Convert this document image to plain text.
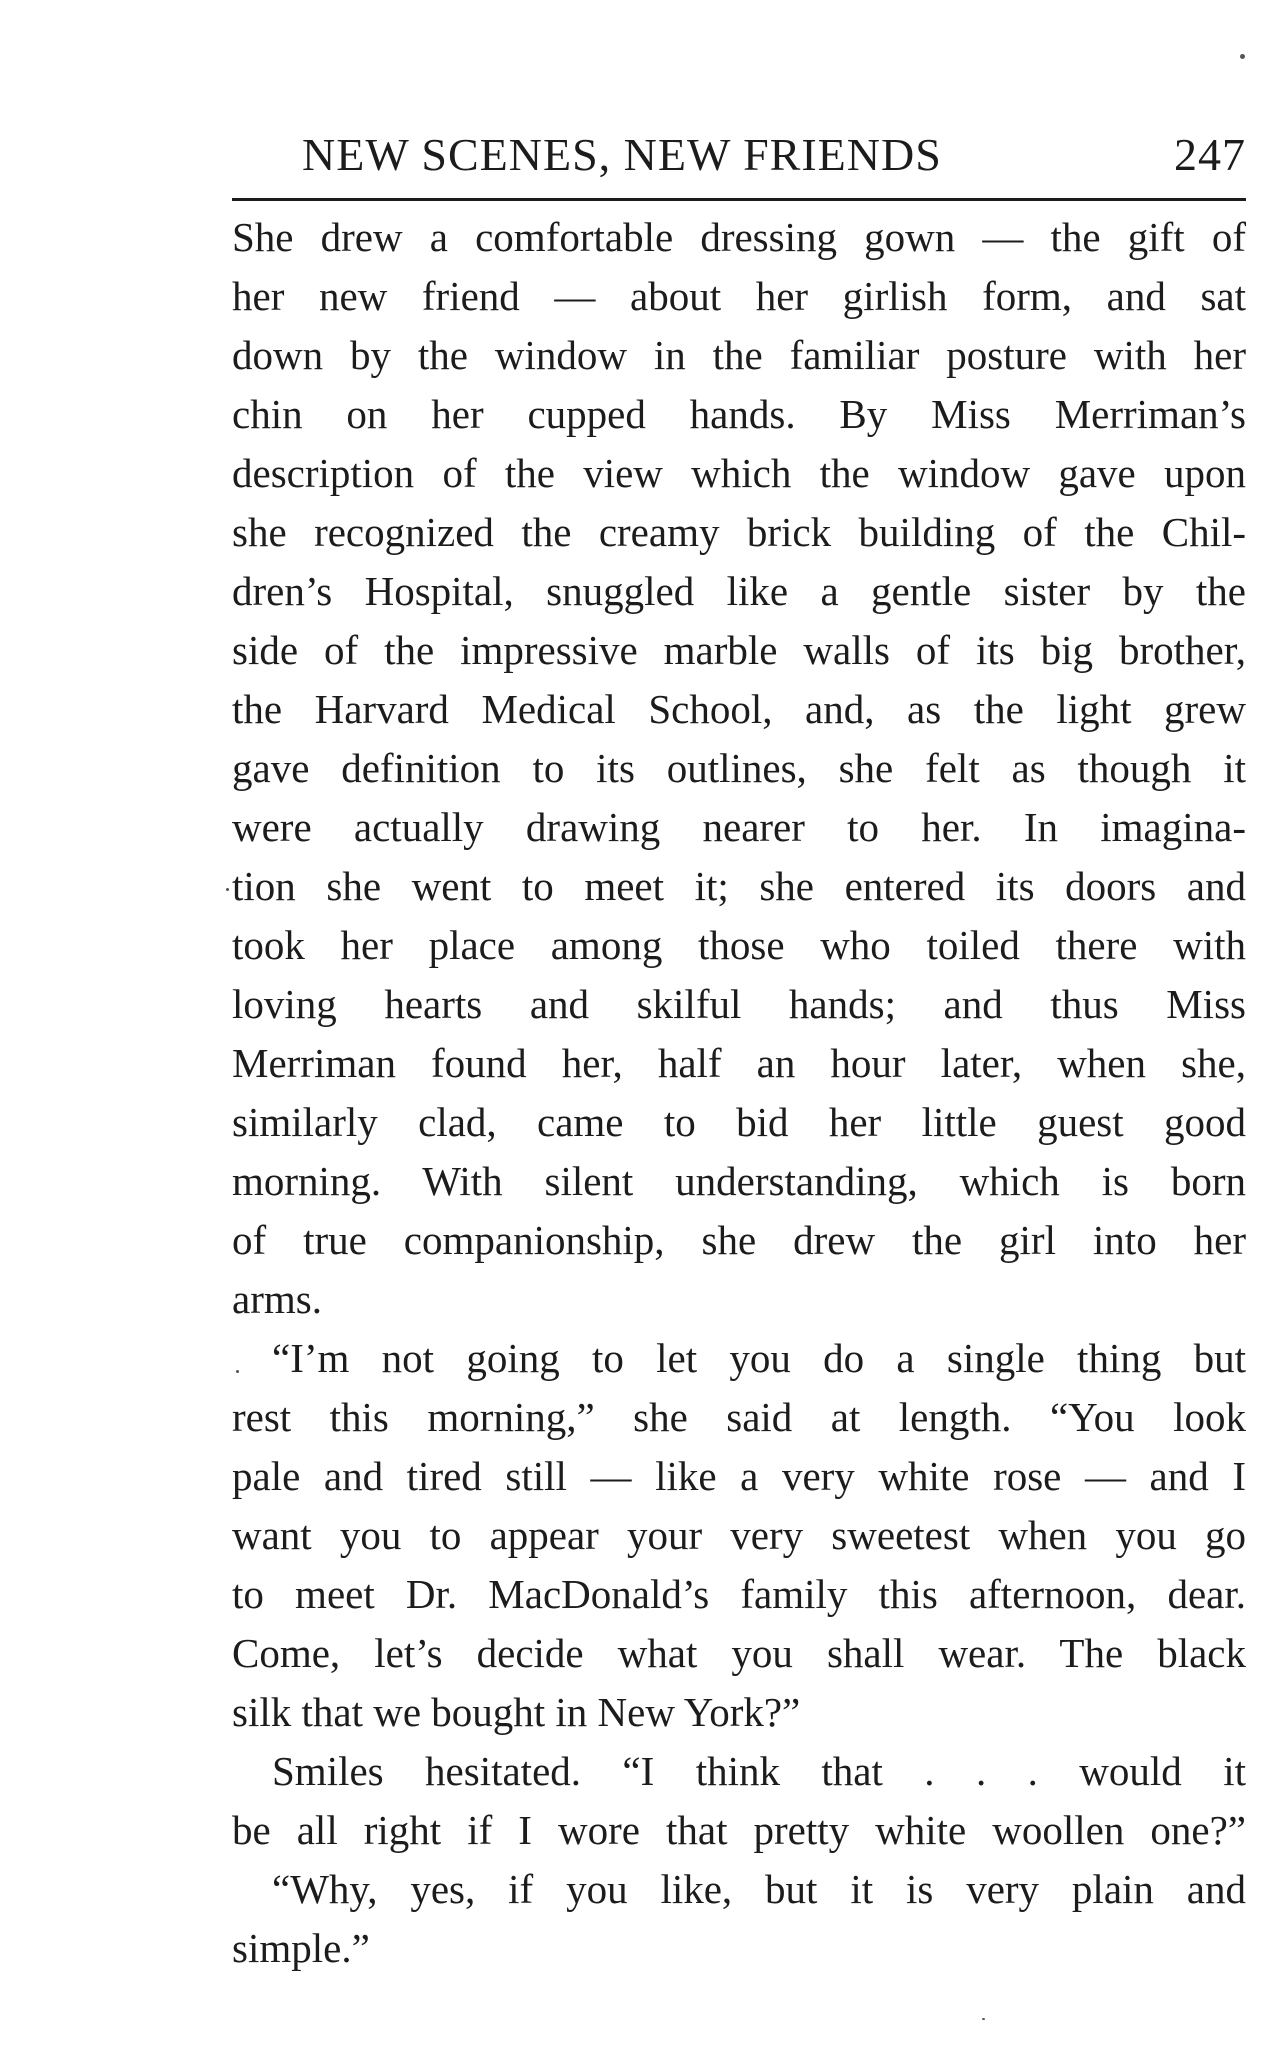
NEW SCENES, NEW FRIENDS	247
She drew a comfortable dressing gown — the gift of
her new friend — about her girlish form, and sat
down by the window in the familiar posture with her
chin on her cupped hands. By Miss Merriman’s
description of the view which the window gave upon
she recognized the creamy brick building of the Chil-
dren’s Hospital, snuggled like a gentle sister by the
side of the impressive marble walls of its big brother,
the Harvard Medical School, and, as the light grew
gave definition to its outlines, she felt as though it
were actually drawing nearer to her. In imagina-
tion she went to meet it; she entered its doors and
took her place among those who toiled there with
loving hearts and skilful hands; and thus Miss
Merriman found her, half an hour later, when she,
similarly clad, came to bid her little guest good
morning. With silent understanding, which is born
of true companionship, she drew the girl into her
arms.
“I’m not going to let you do a single thing but
rest this morning,” she said at length. “You look
pale and tired still — like a very white rose — and I
want you to appear your very sweetest when you go
to meet Dr. MacDonald’s family this afternoon, dear.
Come, let’s decide what you shall wear. The black
silk that we bought in New York?”
Smiles hesitated. “I think that . . . would it
be all right if I wore that pretty white woollen one?”
“Why, yes, if you like, but it is very plain and
simple.”
